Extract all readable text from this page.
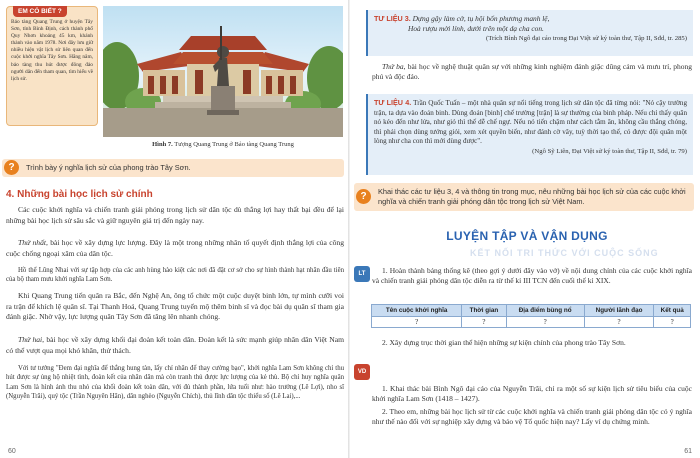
EM CÓ BIẾT ?
Bảo tàng Quang Trung ở huyện Tây Sơn, tỉnh Bình Định, cách thành phố Quy Nhơn khoảng 45 km, khánh thành vào năm 1978. Nơi đây lưu giữ nhiều hiện vật lịch sử liên quan đến cuộc khởi nghĩa Tây Sơn. Hằng năm, bảo tàng thu hút được đông đảo người dân đến tham quan, tìm hiểu về lịch sử.
Hình 7. Tượng Quang Trung ở Bảo tàng Quang Trung
?	Trình bày ý nghĩa lịch sử của phong trào Tây Sơn.
4. Những bài học lịch sử chính
Các cuộc khởi nghĩa và chiến tranh giải phóng trong lịch sử dân tộc dù thắng lợi hay thất bại đều để lại những bài học lịch sử sâu sắc và giữ nguyên giá trị đến ngày nay.
Thứ nhất, bài học về xây dựng lực lượng. Đây là một trong những nhân tố quyết định thắng lợi của công cuộc chống ngoại xâm của dân tộc.
Hồ thể Lũng Nhai với sự tập hợp của các anh hùng hào kiệt các nơi đã đặt cơ sở cho sự hình thành hạt nhân đầu tiên của bộ tham mưu khởi nghĩa Lam Sơn.
Khi Quang Trung tiến quân ra Bắc, đến Nghệ An, ông tổ chức một cuộc duyệt binh lớn, tự mình cưỡi voi ra trận để khích lệ quân sĩ. Tại Thanh Hoá, Quang Trung tuyển mộ thêm binh sĩ và đọc bài dụ quân sĩ tham gia đánh giặc. Nhờ vậy, lực lượng quân Tây Sơn đã tăng lên nhanh chóng.
Thứ hai, bài học về xây dựng khối đại đoàn kết toàn dân. Đoàn kết là sức mạnh giúp nhân dân Việt Nam có thể vượt qua mọi khó khăn, thử thách.
Với tư tưởng "Đem đại nghĩa để thắng hung tàn, lấy chí nhân để thay cường bạo", khởi nghĩa Lam Sơn không chỉ thu hút được sự ủng hộ nhiệt tình, đoàn kết của nhân dân mà còn tranh thủ được lực lượng của kẻ thù. Bộ chỉ huy nghĩa quân Lam Sơn là hình ảnh thu nhỏ của khối đoàn kết toàn dân, với đủ thành phần, lứa tuổi như: hào trưởng (Lê Lợi), nho sĩ (Nguyễn Trãi), quý tộc (Trần Nguyên Hãn), dân nghèo (Nguyễn Chích), thủ lĩnh dân tộc thiểu số (Lê Lai),...
60
TƯ LIỆU 3. Dựng gậy làm cờ, tụ hội bốn phương manh lệ,
Hoà rượu mời lính, dưới trên một dạ cha con.
(Trích Bình Ngô đại cáo trong Đại Việt sử ký toàn thư, Tập II, Sđd, tr. 285)
Thứ ba, bài học về nghệ thuật quân sự với những kinh nghiệm đánh giặc dũng cảm và mưu trí, phong phú và độc đáo.
TƯ LIỆU 4. Trần Quốc Tuấn – một nhà quân sự nổi tiếng trong lịch sử dân tộc đã từng nói: "Nó cậy trường trận, ta dựa vào đoản binh. Dùng đoản [binh] chế trường [trận] là sự thường của binh pháp. Nếu chỉ thấy quân nó kéo đến như lửa, như gió thì thế dễ chế ngự. Nếu nó tiến chậm như cách tằm ăn, không cầu thắng chóng, thì phải chọn dùng tướng giỏi, xem xét quyền biến, như đánh cờ vây, tuỳ thời tạo thế, có được đội quân một lòng như cha con thì mới dùng được".
(Ngô Sỹ Liên, Đại Việt sử ký toàn thư, Tập II, Sđd, tr. 79)
?	Khai thác các tư liệu 3, 4 và thông tin trong mục, nêu những bài học lịch sử của các cuộc khởi nghĩa và chiến tranh giải phóng dân tộc trong lịch sử Việt Nam.
LUYỆN TẬP VÀ VẬN DỤNG
KẾT NỐI TRI THỨC VỚI CUỘC SỐNG
LT	1. Hoàn thành bảng thống kê (theo gợi ý dưới đây vào vở) về nội dung chính của các cuộc khởi nghĩa và chiến tranh giải phóng dân tộc diễn ra từ thế kỉ III TCN đến cuối thế kỉ XIX.
Tên cuộc khởi nghĩa	Thời gian	Địa điểm bùng nổ	Người lãnh đạo	Kết quả
?	?	?	?	?
2. Xây dựng trục thời gian thể hiện những sự kiện chính của phong trào Tây Sơn.
VD
1. Khai thác bài Bình Ngô đại cáo của Nguyễn Trãi, chỉ ra một số sự kiện lịch sử tiêu biểu của cuộc khởi nghĩa Lam Sơn (1418 – 1427).
2. Theo em, những bài học lịch sử từ các cuộc khởi nghĩa và chiến tranh giải phóng dân tộc có ý nghĩa như thế nào đối với sự nghiệp xây dựng và bảo vệ Tổ quốc hiện nay? Lấy ví dụ chứng minh.
61
